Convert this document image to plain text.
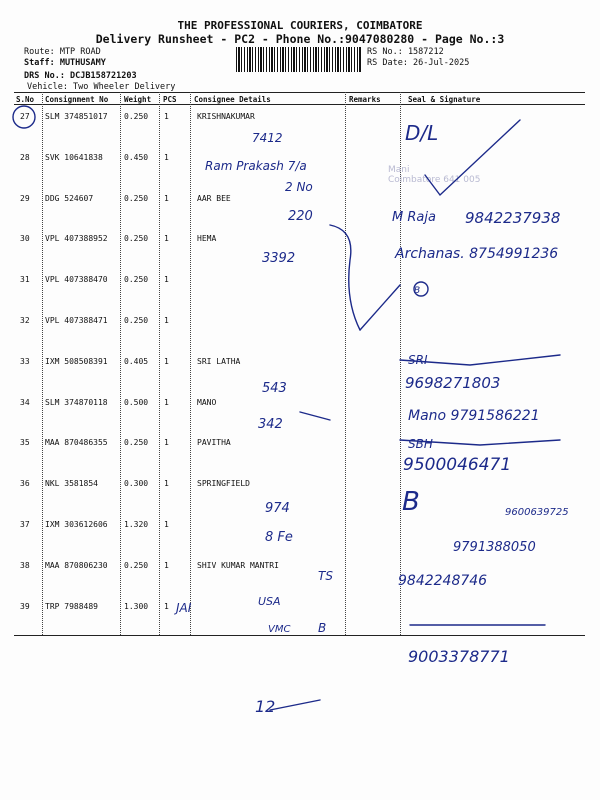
THE PROFESSIONAL COURIERS, COIMBATORE
Delivery Runsheet - PC2 - Phone No.:9047080280 - Page No.:3
Route: MTP ROAD
Staff: MUTHUSAMY
DRS No.: DCJB158721203
Vehicle: Two Wheeler Delivery
RS No.: 1587212
RS Date: 26-Jul-2025
S.No Consignment No Weight PCS Consignee Details	Remarks	Seal & Signature
27 SLM 374851017 0.250 1	KRISHNAKUMAR
28 SVK 10641838	0.450 1
29 DDG 524607	0.250 1	AAR BEE
30 VPL 407388952 0.250 1	HEMA
31 VPL 407388470 0.250 1
32 VPL 407388471 0.250 1
33 IXM 508508391 0.405 1	SRI LATHA
34 SLM 374870118 0.500 1	MANO
35 MAA 870486355 0.250 1	PAVITHA
36 NKL 3581854	0.300 1	SPRINGFIELD
37 IXM 303612606 1.320 1
38 MAA 870806230 0.250 1	SHIV KUMAR MANTRI
39 TRP 7988489	1.300 1
Mani
Coimbatore 641 005
D/L
7412
Ram Prakash 7/a
2 No
M Raja 9842237938
220
3392	Archanas. 8754991236
B
543
SRI
9698271803
342
Mano 9791586221
SBH
9500046471
974	B	9600639725
8 Fe
9791388050
TS	9842248746
JAI	USA
VMC B
9003378771
12
